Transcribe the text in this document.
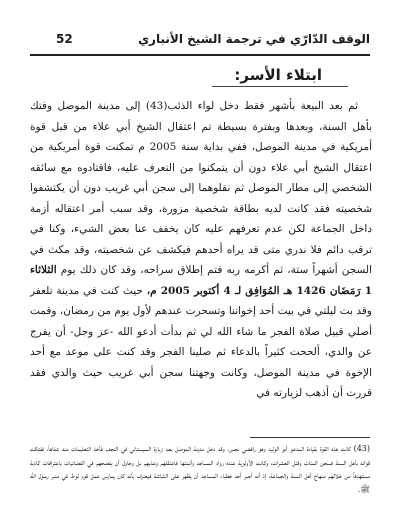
الوقف الدّارّي في ترجمة الشيخ الأنباري
52
ابتلاء الأسر:
ثم بعد البيعة بأشهر فقط دخل لواء الذئب(43) إلى مدينة الموصل وفتك بأهل السنة، وبعدها وبفترة بسيطة تم اعتقال الشيخ أبي علاء من قبل قوة أمريكية في مدينة الموصل، ففي بداية سنة 2005 م تمكنت قوة أمريكية من اعتقال الشيخ أبي علاء دون أن يتمكنوا من التعرف عليه، فاقتادوه مع سائقه الشخصي إلى مطار الموصل ثم نقلوهما إلى سجن أبي غريب دون أن يكتشفوا شخصيته فقد كانت لديه بطاقة شخصية مزورة، وقد سبب أمر اعتقاله أزمة داخل الجماعة لكن عدم تعرفهم عليه كان يخفف عنا بعض الشيء، وكنا في ترقب دائم فلا ندري متى قد يراه أحدهم فيكشف عن شخصيته، وقد مكث في السجن أشهراً ستة، ثم أكرمه ربه فتم إطلاق سراحه، وقد كان ذلك يوم الثلاثاء 1 رَمَضَان 1426 هـ المُوَافِق لـ 4 أكتوبر 2005 م، حيث كنت في مدينة تلعفر وقد بت ليلتي في بيت أحد إخواننا وتسحرت عندهم لأول يوم من رمضان، وقمت أصلي قبيل صلاة الفجر ما شاء الله لي ثم بدأت أدعو الله -عز وجل- أن يفرج عن والدي، ألححت كثيراً بالدعاء ثم صلينا الفجر وقد كنت على موعد مع أحد الإخوة في مدينة الموصل، وكانت وجهتنا سجن أبي غريب حيث والدي فقد قررت أن أذهب لزيارته في
(43) كانت هذه القوة بقيادة المدعو أبو الوليد وهو رافضي نجس، وقد دخل مدينة الموصل بعد زيارة السيستاني في النجف فأخذ التعليمات منه شفاهاً، ففتكت قواته بأهل السنة فسجن المئات وقتل العشرات، وكانت الأولوية عنده رواد المساجد وأئمتها فاعتقلهم وعذبهم بل وحاول أن يفضحهم في الفضائيات باعترافات كاذبة مستهدفاً من خلالهم منهاج أهل السنة والجماعة، إذ أنه أجبر أحد خطباء المساجد أن يظهر على الشاشة فيعترف بأنه كان يمارس عمل قوم لوط في منبر رسول الله ﷺ.
